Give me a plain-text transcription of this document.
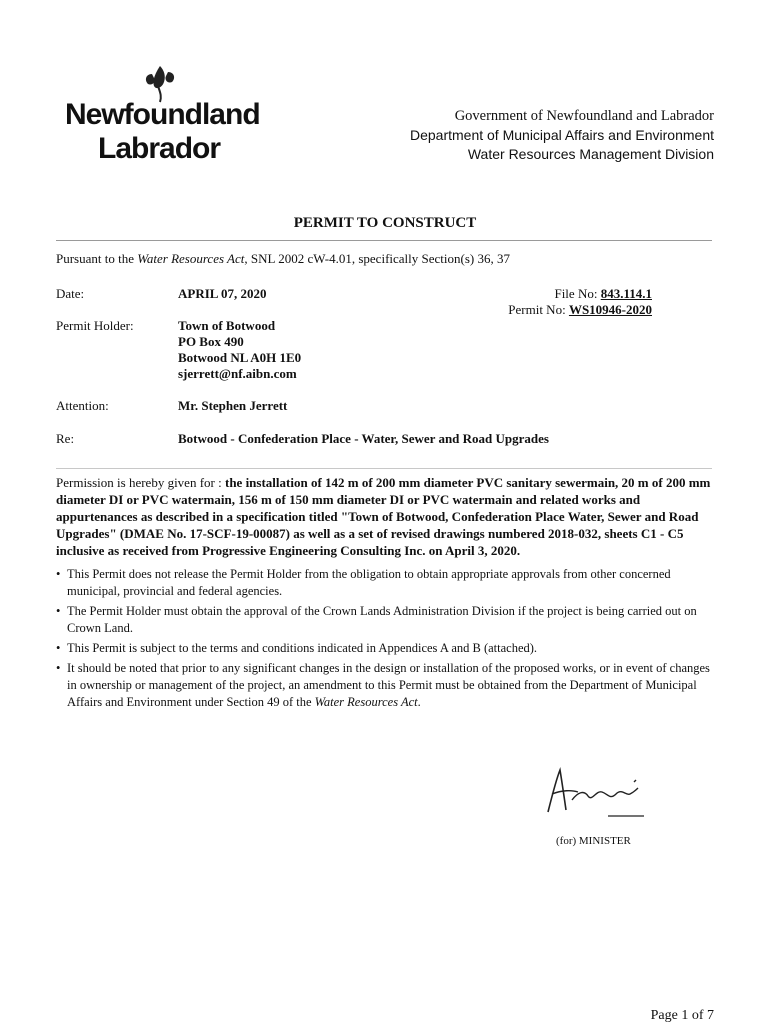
Newfoundland
Labrador
Government of Newfoundland and Labrador
Department of Municipal Affairs and Environment
Water Resources Management Division
PERMIT TO CONSTRUCT
Pursuant to the Water Resources Act, SNL 2002 cW-4.01, specifically Section(s) 36, 37
Date:	APRIL 07, 2020	File No: 843.114.1
Permit No: WS10946-2020
Permit Holder:	Town of Botwood
PO Box 490
Botwood NL A0H 1E0
sjerrett@nf.aibn.com
Attention:	Mr. Stephen Jerrett
Re:	Botwood - Confederation Place - Water, Sewer and Road Upgrades
Permission is hereby given for : the installation of 142 m of 200 mm diameter PVC sanitary sewermain, 20 m of 200 mm diameter DI or PVC watermain, 156 m of 150 mm diameter DI or PVC watermain and related works and appurtenances as described in a specification titled "Town of Botwood, Confederation Place Water, Sewer and Road Upgrades" (DMAE No. 17-SCF-19-00087) as well as a set of revised drawings numbered 2018-032, sheets C1 - C5 inclusive as received from Progressive Engineering Consulting Inc. on April 3, 2020.
• This Permit does not release the Permit Holder from the obligation to obtain appropriate approvals from other concerned municipal, provincial and federal agencies.
• The Permit Holder must obtain the approval of the Crown Lands Administration Division if the project is being carried out on Crown Land.
• This Permit is subject to the terms and conditions indicated in Appendices A and B (attached).
• It should be noted that prior to any significant changes in the design or installation of the proposed works, or in event of changes in ownership or management of the project, an amendment to this Permit must be obtained from the Department of Municipal Affairs and Environment under Section 49 of the Water Resources Act.
(for) MINISTER
Page 1 of 7
